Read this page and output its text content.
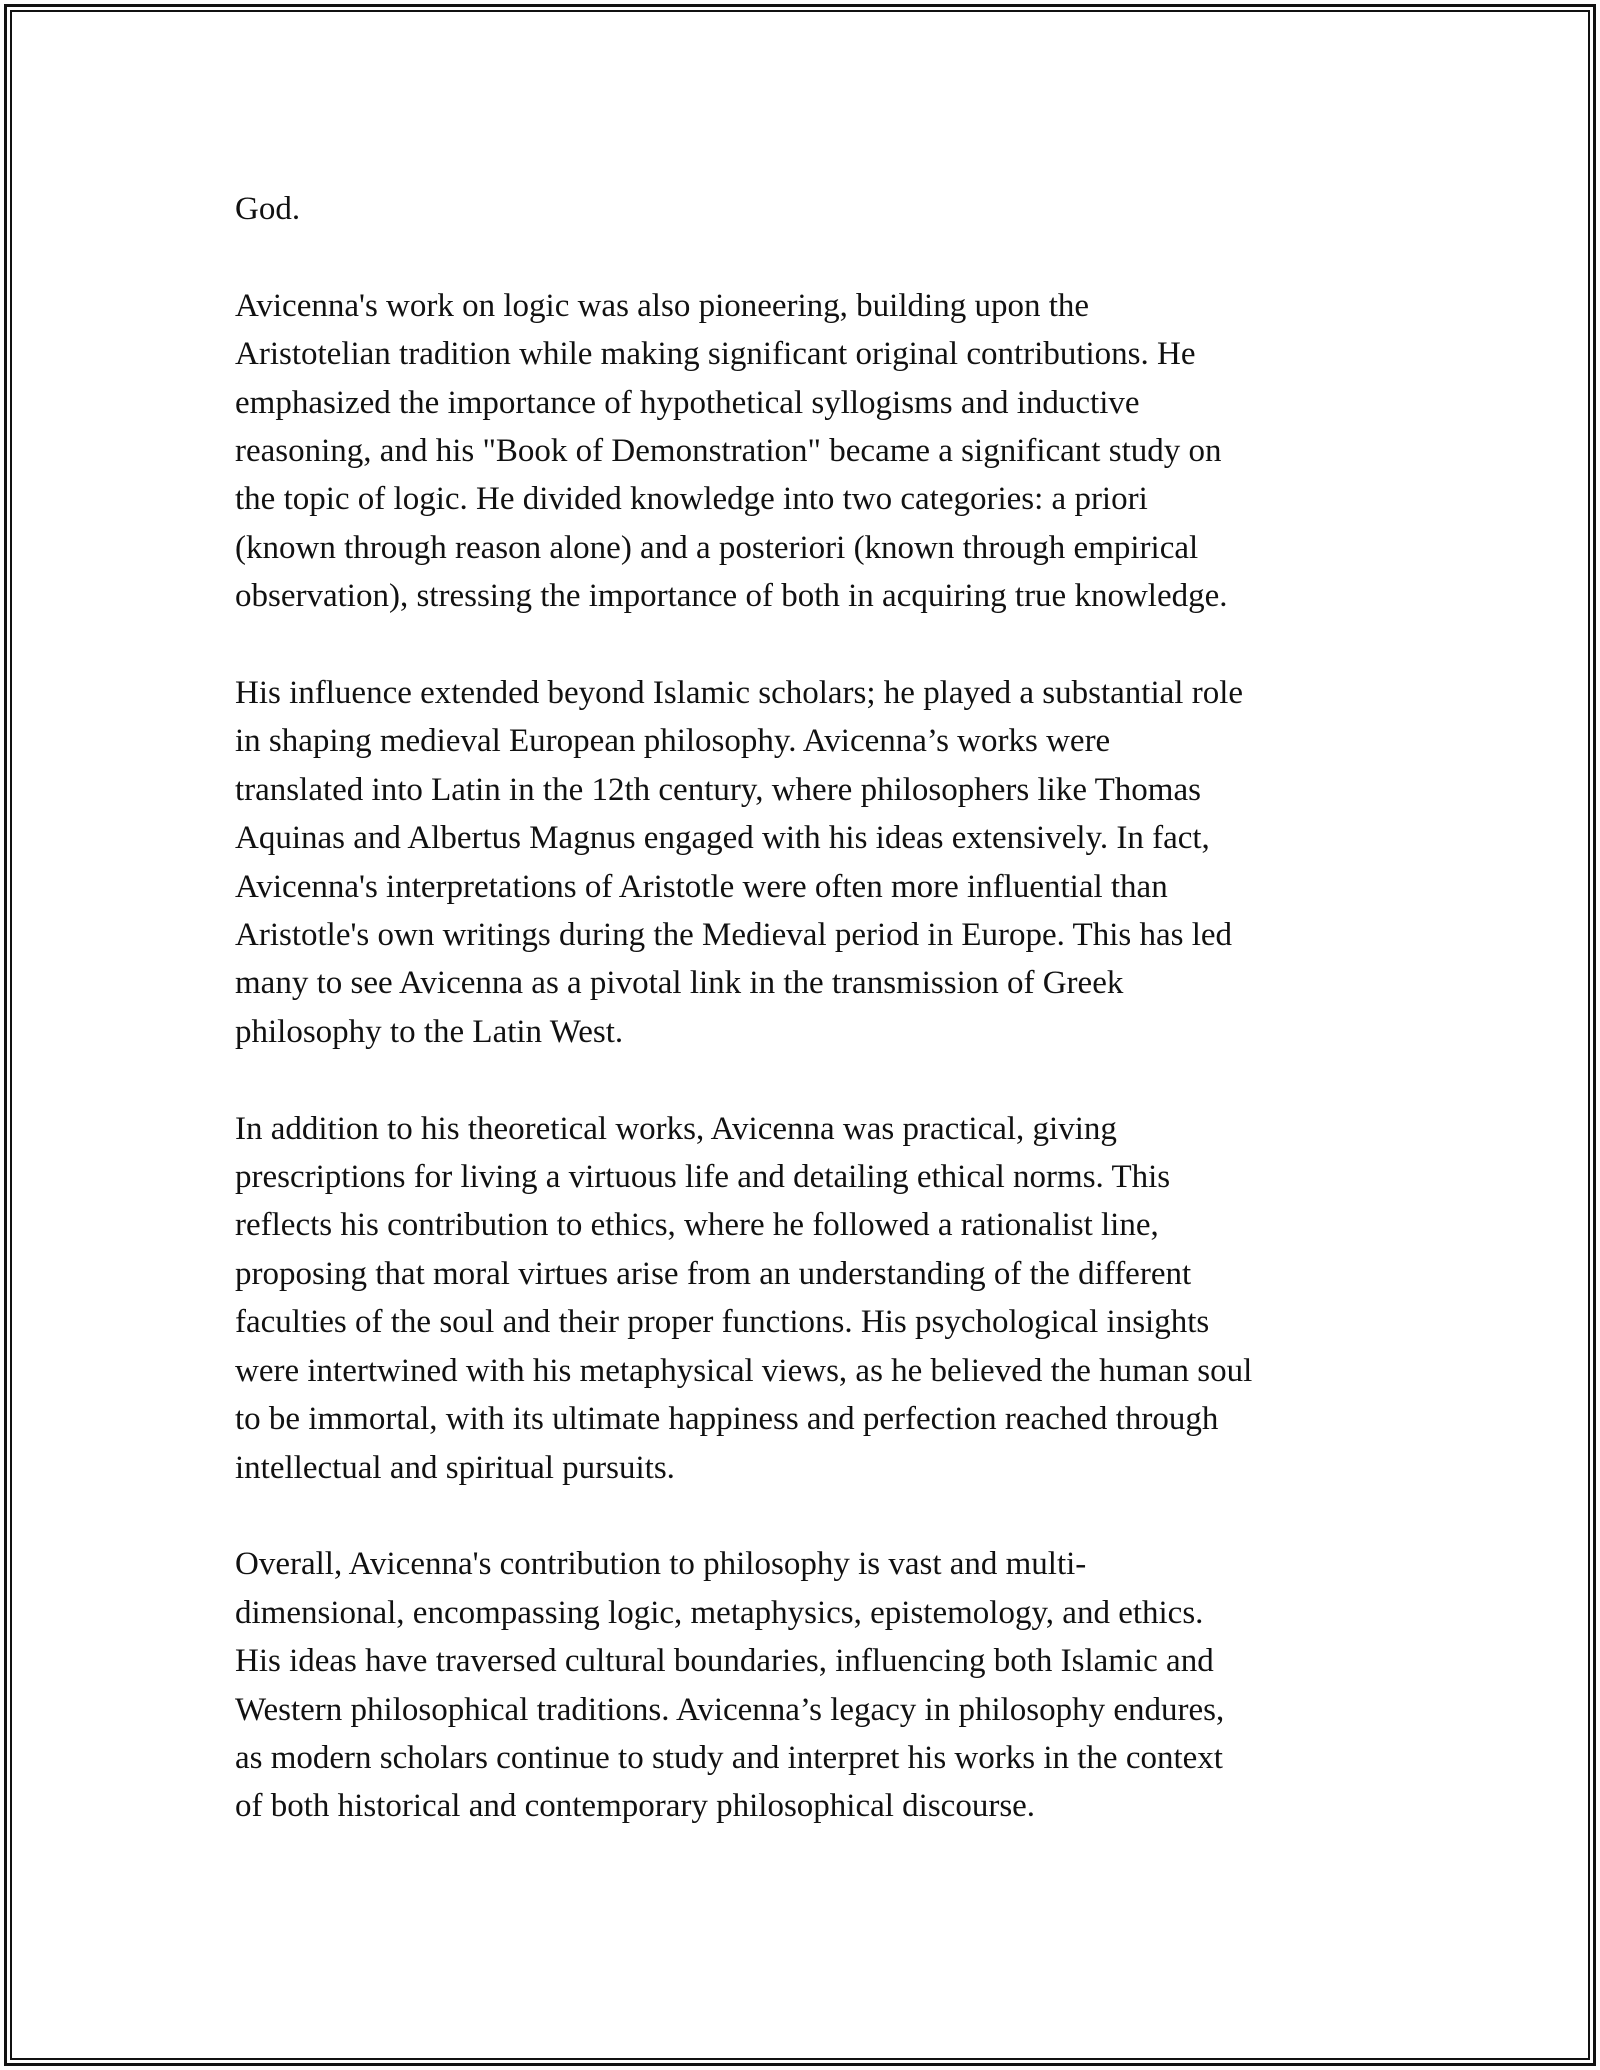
God.

Avicenna's work on logic was also pioneering, building upon the
Aristotelian tradition while making significant original contributions. He
emphasized the importance of hypothetical syllogisms and inductive
reasoning, and his "Book of Demonstration" became a significant study on
the topic of logic. He divided knowledge into two categories: a priori
(known through reason alone) and a posteriori (known through empirical
observation), stressing the importance of both in acquiring true knowledge.

His influence extended beyond Islamic scholars; he played a substantial role
in shaping medieval European philosophy. Avicenna’s works were
translated into Latin in the 12th century, where philosophers like Thomas
Aquinas and Albertus Magnus engaged with his ideas extensively. In fact,
Avicenna's interpretations of Aristotle were often more influential than
Aristotle's own writings during the Medieval period in Europe. This has led
many to see Avicenna as a pivotal link in the transmission of Greek
philosophy to the Latin West.

In addition to his theoretical works, Avicenna was practical, giving
prescriptions for living a virtuous life and detailing ethical norms. This
reflects his contribution to ethics, where he followed a rationalist line,
proposing that moral virtues arise from an understanding of the different
faculties of the soul and their proper functions. His psychological insights
were intertwined with his metaphysical views, as he believed the human soul
to be immortal, with its ultimate happiness and perfection reached through
intellectual and spiritual pursuits.

Overall, Avicenna's contribution to philosophy is vast and multi-
dimensional, encompassing logic, metaphysics, epistemology, and ethics.
His ideas have traversed cultural boundaries, influencing both Islamic and
Western philosophical traditions. Avicenna’s legacy in philosophy endures,
as modern scholars continue to study and interpret his works in the context
of both historical and contemporary philosophical discourse.
